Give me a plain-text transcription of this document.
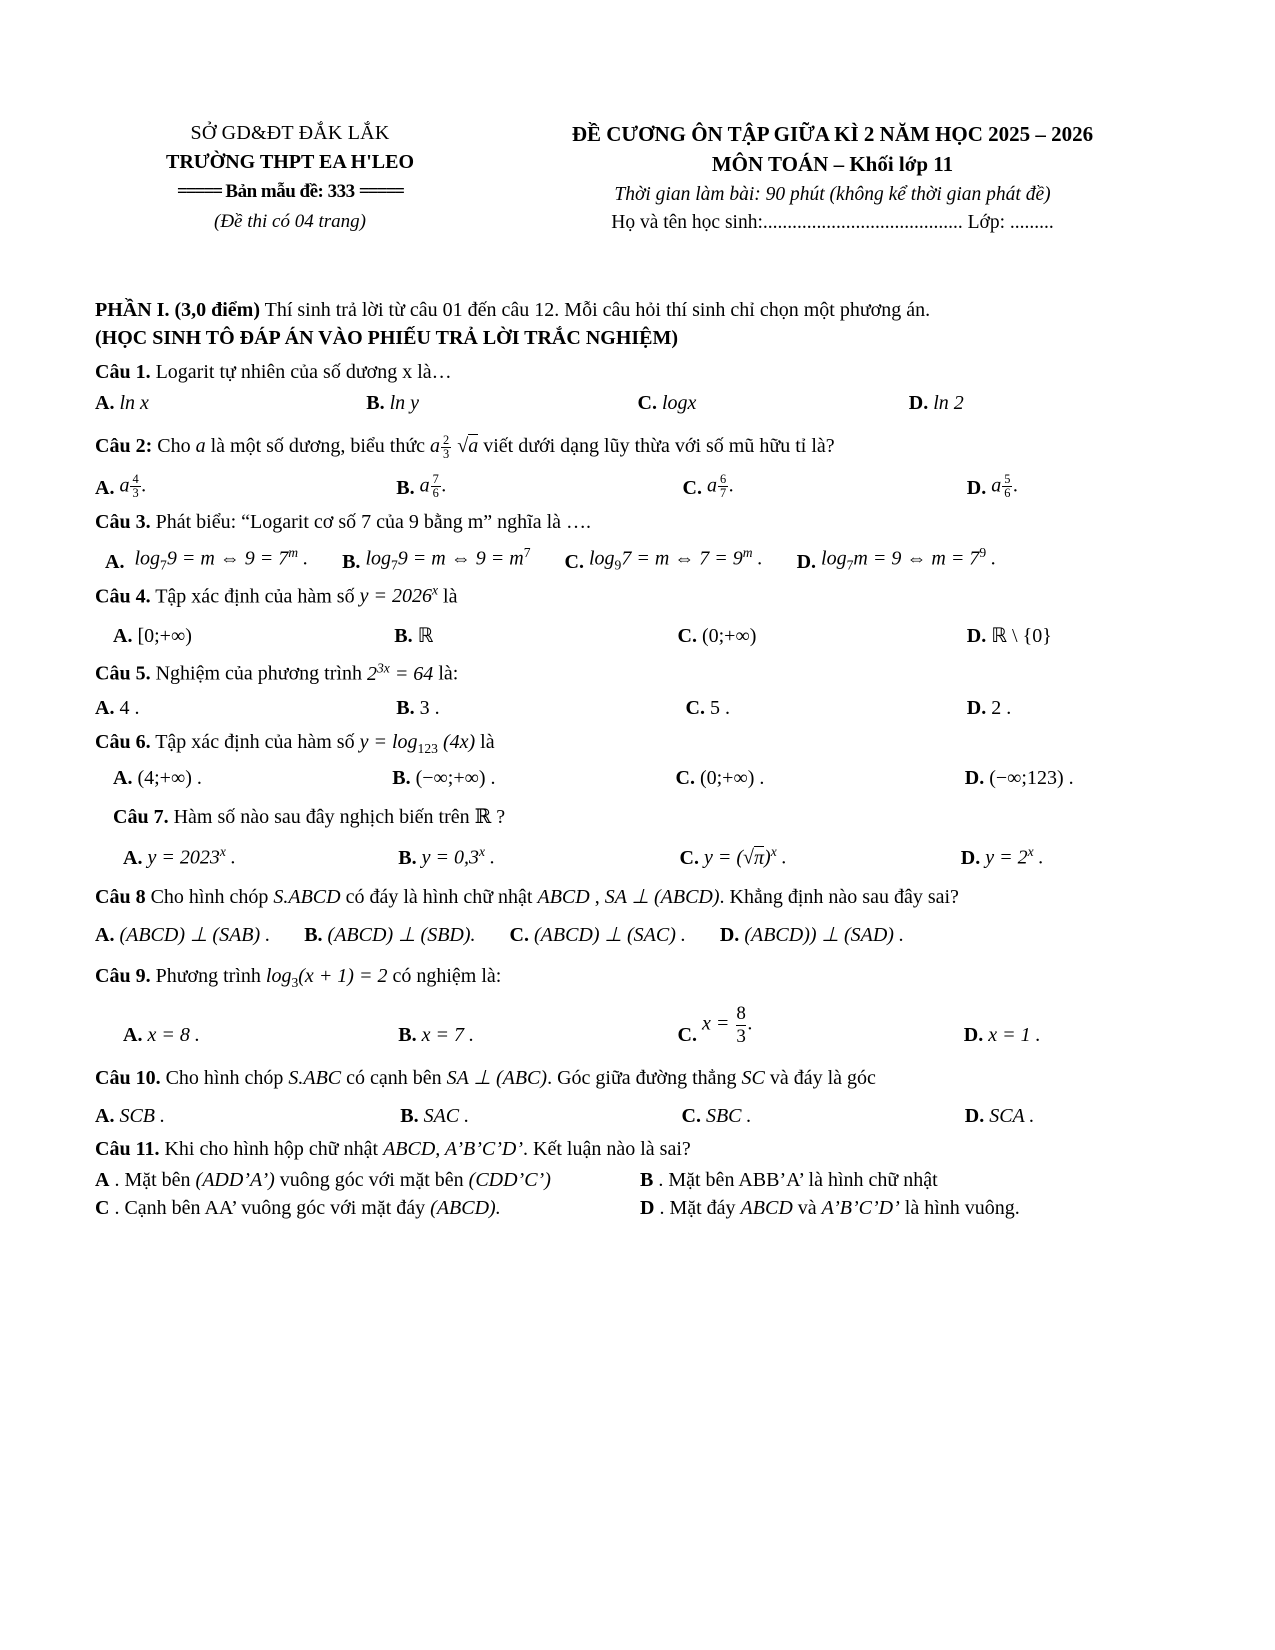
SỞ GD&ĐT ĐẮK LẮK
TRƯỜNG THPT EA H'LEO
===== Bản mẫu đề: 333 =====
(Đề thi có 04 trang)
ĐỀ CƯƠNG ÔN TẬP GIỮA KÌ 2 NĂM HỌC 2025 – 2026
MÔN TOÁN – Khối lớp 11
Thời gian làm bài: 90 phút (không kể thời gian phát đề)
Họ và tên học sinh:......................................... Lớp: .........
PHẦN I. (3,0 điểm) Thí sinh trả lời từ câu 01 đến câu 12. Mỗi câu hỏi thí sinh chỉ chọn một phương án.
(HỌC SINH TÔ ĐÁP ÁN VÀO PHIẾU TRẢ LỜI TRẮC NGHIỆM)
Câu 1. Logarit tự nhiên của số dương x là…
A. ln x	B. ln y	C. logx	D. ln 2
Câu 2: Cho a là một số dương, biểu thức a $\frac{2}{3} √a$ viết dưới dạng lũy thừa với số mũ hữu tỉ là?
A. a $\frac{4}{3}$ .	B. a $\frac{7}{6}$ .	C. a $\frac{6}{7}$ .	D. a $\frac{5}{6}$ .
Câu 3. Phát biểu: “Logarit cơ số 7 của 9 bằng m” nghĩa là ….
A. $\log_79 = m$ ⇔ $9 = 7^m$ . B. $\log_79 = m$ ⇔ $9 = m^7$ C. $\log_97 = m$ ⇔ $7 = 9^m$ . D. $\log_7m = 9$ ⇔ $m = 7^9$ .
Câu 4. Tập xác định của hàm số $y = 2026^x$ là
A. [0;+∞)	B. ℝ	C. (0;+∞)	D. ℝ \ {0}
Câu 5. Nghiệm của phương trình $2^{3x} = 64$ là:
A. 4 .	B. 3 .	C. 5 .	D. 2 .
Câu 6. Tập xác định của hàm số $y = \log_{123} (4x)$ là
A. (4;+∞) .	B. (−∞;+∞) .	C. (0;+∞) .	D. (−∞;123) .
Câu 7. Hàm số nào sau đây nghịch biến trên ℝ ?
A. $y = 2023^x$ .	B. $y = 0,3^x$ .	C. $y = (√\pi)^x$ .	D. $y = 2^x$ .
Câu 8 Cho hình chóp S.ABCD có đáy là hình chữ nhật ABCD , SA ⊥ (ABCD). Khẳng định nào sau đây sai?
A. (ABCD) ⊥ (SAB) . B. (ABCD) ⊥ (SBD). C. (ABCD) ⊥ (SAC) . D. (ABCD)) ⊥ (SAD) .
Câu 9. Phương trình $\log_3(x + 1) = 2$ có nghiệm là:
A. x = 8 .	B. x = 7 .	C.
$x = \frac{8}{3}$ .
D. x = 1 .
Câu 10. Cho hình chóp S.ABC có cạnh bên SA ⊥ (ABC). Góc giữa đường thẳng SC và đáy là góc
A. SCB .	B. SAC .	C. SBC .	D. SCA .
Câu 11. Khi cho hình hộp chữ nhật ABCD, A’B’C’D’. Kết luận nào là sai?
A . Mặt bên (ADD’A’) vuông góc với mặt bên (CDD’C’)	B . Mặt bên ABB’A’ là hình chữ nhật
C . Cạnh bên AA’ vuông góc với mặt đáy (ABCD).	D . Mặt đáy ABCD và A’B’C’D’ là hình vuông.
